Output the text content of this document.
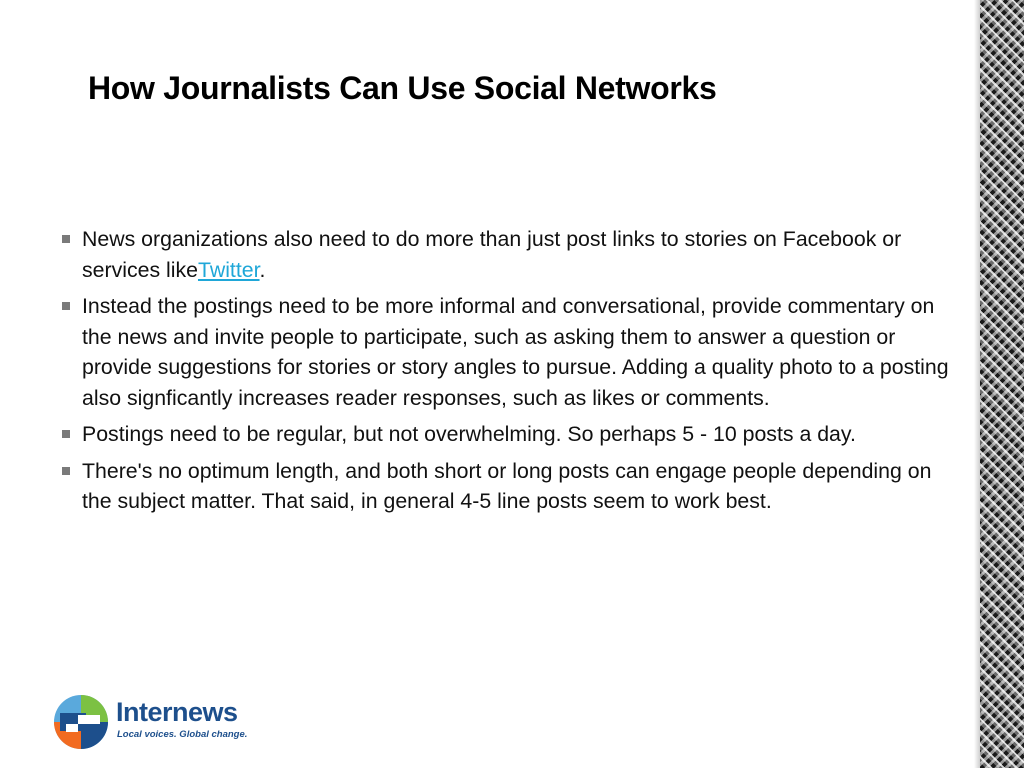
How Journalists Can Use Social Networks
News organizations also need to do more than just post links to stories on Facebook or services likeTwitter.
Instead the postings need to be more informal and conversational, provide commentary on the news and invite people to participate, such as asking them to answer a question or provide suggestions for stories or story angles to pursue. Adding a quality photo to a posting also signficantly increases reader responses, such as likes or comments.
Postings need to be regular, but not overwhelming. So perhaps 5 - 10 posts a day.
There's no optimum length, and both short or long posts can engage people depending on the subject matter. That said, in general 4-5 line posts seem to work best.
Internews
Local voices. Global change.
